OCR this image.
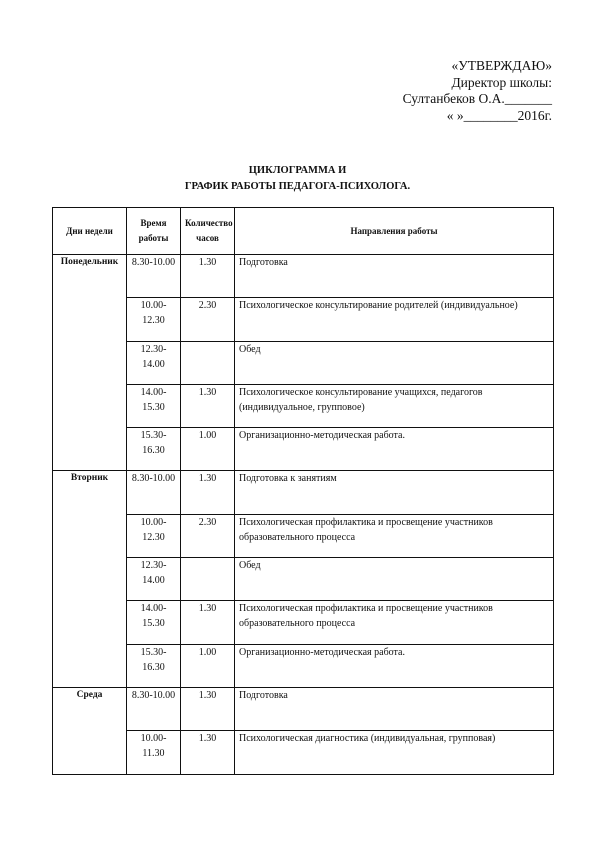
«УТВЕРЖДАЮ»
Директор школы:
Султанбеков О.А._______
« »________2016г.
ЦИКЛОГРАММА И
ГРАФИК РАБОТЫ ПЕДАГОГА-ПСИХОЛОГА.
Дни недели	Время работы	Количество часов	Направления работы
Понедельник	8.30-10.00	1.30	Подготовка
	10.00-12.30	2.30	Психологическое консультирование родителей (индивидуальное)
	12.30-14.00		Обед
	14.00-15.30	1.30	Психологическое консультирование учащихся, педагогов (индивидуальное, групповое)
	15.30-16.30	1.00	Организационно-методическая работа.
Вторник	8.30-10.00	1.30	Подготовка к занятиям
	10.00-12.30	2.30	Психологическая профилактика и просвещение участников образовательного процесса
	12.30-14.00		Обед
	14.00-15.30	1.30	Психологическая профилактика и просвещение участников образовательного процесса
	15.30-16.30	1.00	Организационно-методическая работа.
Среда	8.30-10.00	1.30	Подготовка
	10.00-11.30	1.30	Психологическая диагностика (индивидуальная, групповая)
